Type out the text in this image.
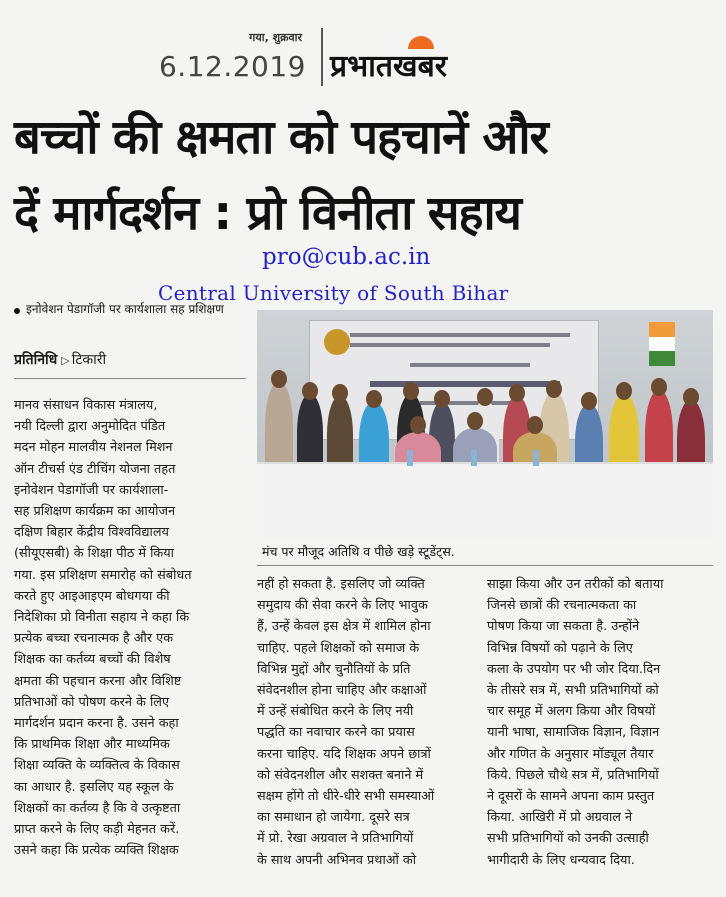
गया, शुक्रवार
6.12.2019 प्रभातखबर
बच्चों की क्षमता को पहचानें और
दें मार्गदर्शन : प्रो विनीता सहाय
pro@cub.ac.in
Central University of South Bihar
इनोवेशन पेडागॉजी पर कार्यशाला सह प्रशिक्षण
प्रतिनिधि ▷ टिकारी
मंच पर मौजूद अतिथि व पीछे खड़े स्टूडेंट्स.

मानव संसाधन विकास मंत्रालय,

नयी दिल्ली द्वारा अनुमोदित पंडित

मदन मोहन मालवीय नेशनल मिशन

ऑन टीचर्स एंड टीचिंग योजना तहत

इनोवेशन पेडागॉजी पर कार्यशाला-

सह प्रशिक्षण कार्यक्रम का आयोजन

दक्षिण बिहार केंद्रीय विश्वविद्यालय

(सीयूएसबी) के शिक्षा पीठ में किया

गया. इस प्रशिक्षण समारोह को संबोधत

करते हुए आइआइएम बोधगया की

निदेशिका प्रो विनीता सहाय ने कहा कि

प्रत्येक बच्चा रचनात्मक है और एक

शिक्षक का कर्तव्य बच्चों की विशेष

क्षमता की पहचान करना और विशिष्ट

प्रतिभाओं को पोषण करने के लिए

मार्गदर्शन प्रदान करना है. उसने कहा

कि प्राथमिक शिक्षा और माध्यमिक

शिक्षा व्यक्ति के व्यक्तित्व के विकास

का आधार है. इसलिए यह स्कूल के

शिक्षकों का कर्तव्य है कि वे उत्कृष्टता

प्राप्त करने के लिए कड़ी मेहनत करें.

उसने कहा कि प्रत्येक व्यक्ति शिक्षक

नहीं हो सकता है. इसलिए जो व्यक्ति

समुदाय की सेवा करने के लिए भावुक

हैं, उन्हें केवल इस क्षेत्र में शामिल होना

चाहिए. पहले शिक्षकों को समाज के

विभिन्न मुद्दों और चुनौतियों के प्रति

संवेदनशील होना चाहिए और कक्षाओं

में उन्हें संबोधित करने के लिए नयी

पद्धति का नवाचार करने का प्रयास

करना चाहिए. यदि शिक्षक अपने छात्रों

को संवेदनशील और सशक्त बनाने में

सक्षम होंगे तो धीरे-धीरे सभी समस्याओं

का समाधान हो जायेगा. दूसरे सत्र

में प्रो. रेखा अग्रवाल ने प्रतिभागियों

के साथ अपनी अभिनव प्रथाओं को

साझा किया और उन तरीकों को बताया

जिनसे छात्रों की रचनात्मकता का

पोषण किया जा सकता है. उन्होंने

विभिन्न विषयों को पढ़ाने के लिए

कला के उपयोग पर भी जोर दिया.दिन

के तीसरे सत्र में, सभी प्रतिभागियों को

चार समूह में अलग किया और विषयों

यानी भाषा, सामाजिक विज्ञान, विज्ञान

और गणित के अनुसार मॉड्यूल तैयार

किये. पिछले चौथे सत्र में, प्रतिभागियों

ने दूसरों के सामने अपना काम प्रस्तुत

किया. आखिरी में प्रो अग्रवाल ने

सभी प्रतिभागियों को उनकी उत्साही

भागीदारी के लिए धन्यवाद दिया.
